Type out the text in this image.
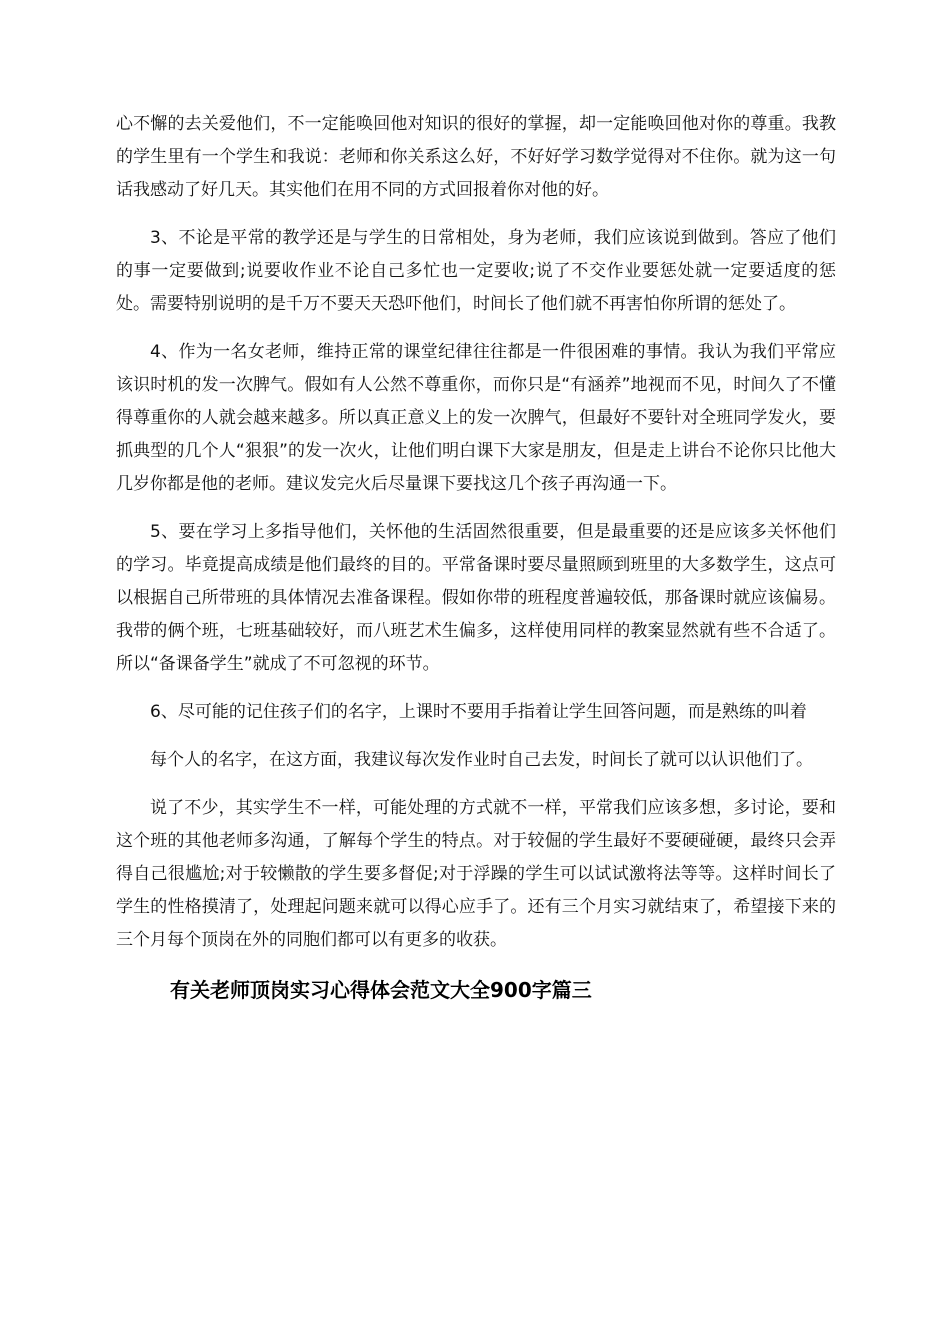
心不懈的去关爱他们，不一定能唤回他对知识的很好的掌握，却一定能唤回他对你的尊重。我教的学生里有一个学生和我说：老师和你关系这么好，不好好学习数学觉得对不住你。就为这一句话我感动了好几天。其实他们在用不同的方式回报着你对他的好。

3、不论是平常的教学还是与学生的日常相处，身为老师，我们应该说到做到。答应了他们的事一定要做到;说要收作业不论自己多忙也一定要收;说了不交作业要惩处就一定要适度的惩处。需要特别说明的是千万不要天天恐吓他们，时间长了他们就不再害怕你所谓的惩处了。

4、作为一名女老师，维持正常的课堂纪律往往都是一件很困难的事情。我认为我们平常应该识时机的发一次脾气。假如有人公然不尊重你，而你只是“有涵养”地视而不见，时间久了不懂得尊重你的人就会越来越多。所以真正意义上的发一次脾气，但最好不要针对全班同学发火，要抓典型的几个人“狠狠”的发一次火，让他们明白课下大家是朋友，但是走上讲台不论你只比他大几岁你都是他的老师。建议发完火后尽量课下要找这几个孩子再沟通一下。

5、要在学习上多指导他们，关怀他的生活固然很重要，但是最重要的还是应该多关怀他们的学习。毕竟提高成绩是他们最终的目的。平常备课时要尽量照顾到班里的大多数学生，这点可以根据自己所带班的具体情况去准备课程。假如你带的班程度普遍较低，那备课时就应该偏易。我带的俩个班，七班基础较好，而八班艺术生偏多，这样使用同样的教案显然就有些不合适了。所以“备课备学生”就成了不可忽视的环节。

6、尽可能的记住孩子们的名字，上课时不要用手指着让学生回答问题，而是熟练的叫着

每个人的名字，在这方面，我建议每次发作业时自己去发，时间长了就可以认识他们了。

说了不少，其实学生不一样，可能处理的方式就不一样，平常我们应该多想，多讨论，要和这个班的其他老师多沟通，了解每个学生的特点。对于较倔的学生最好不要硬碰硬，最终只会弄得自己很尴尬;对于较懒散的学生要多督促;对于浮躁的学生可以试试激将法等等。这样时间长了学生的性格摸清了，处理起问题来就可以得心应手了。还有三个月实习就结束了，希望接下来的三个月每个顶岗在外的同胞们都可以有更多的收获。

有关老师顶岗实习心得体会范文大全900字篇三
